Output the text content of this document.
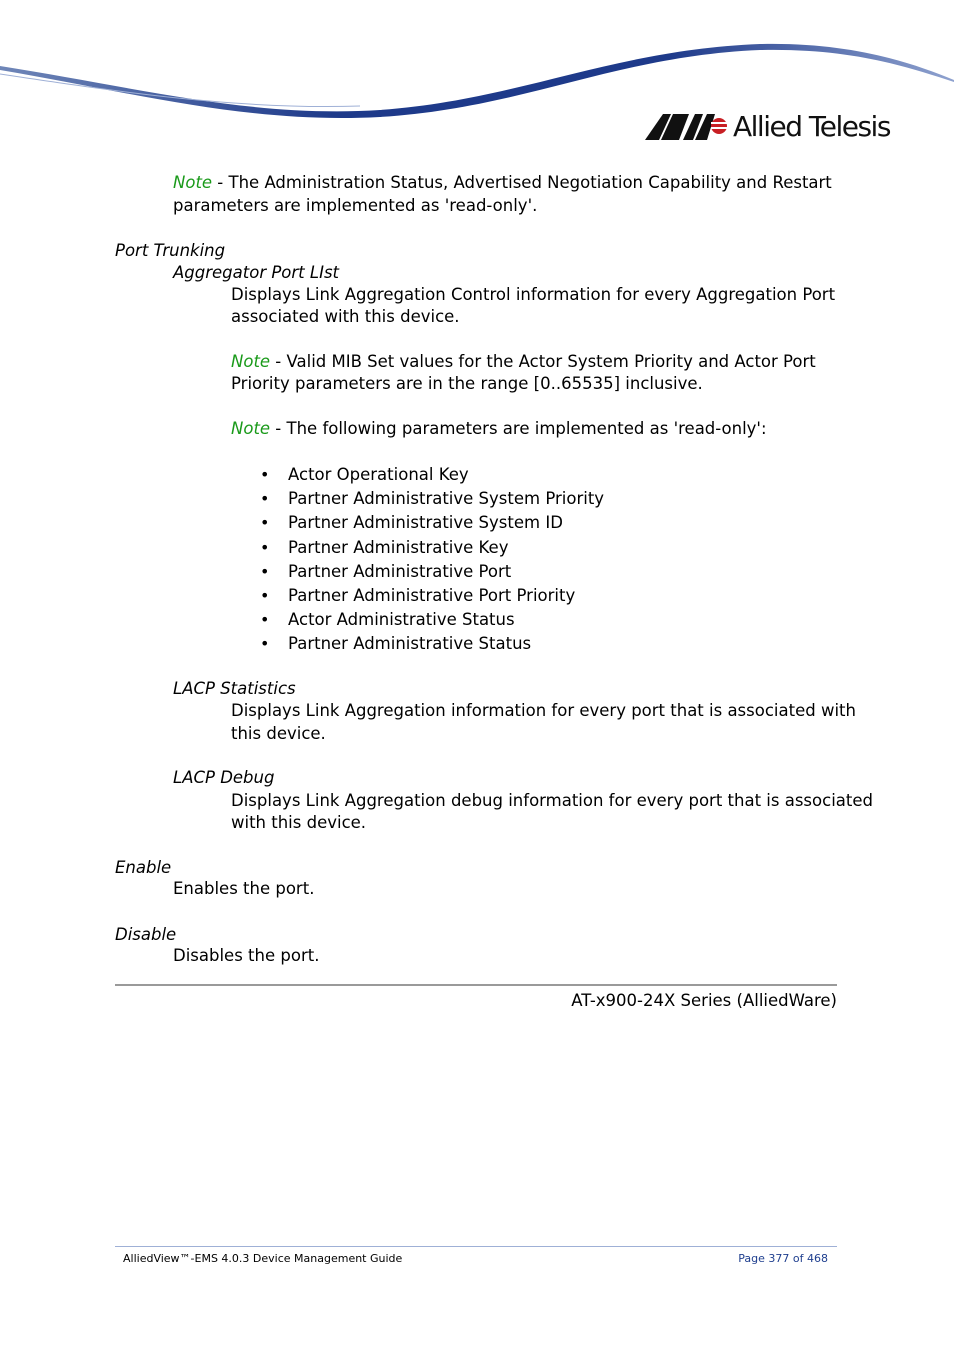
Allied Telesis
Note - The Administration Status, Advertised Negotiation Capability and Restart
parameters are implemented as 'read-only'.
Port Trunking
Aggregator Port LIst
Displays Link Aggregation Control information for every Aggregation Port
associated with this device.
Note - Valid MIB Set values for the Actor System Priority and Actor Port
Priority parameters are in the range [0..65535] inclusive.
Note - The following parameters are implemented as 'read-only':
• Actor Operational Key
• Partner Administrative System Priority
• Partner Administrative System ID
• Partner Administrative Key
• Partner Administrative Port
• Partner Administrative Port Priority
• Actor Administrative Status
• Partner Administrative Status
LACP Statistics
Displays Link Aggregation information for every port that is associated with
this device.
LACP Debug
Displays Link Aggregation debug information for every port that is associated
with this device.
Enable
Enables the port.
Disable
Disables the port.
AT-x900-24X Series (AlliedWare)
AlliedView™-EMS 4.0.3 Device Management Guide	Page 377 of 468
